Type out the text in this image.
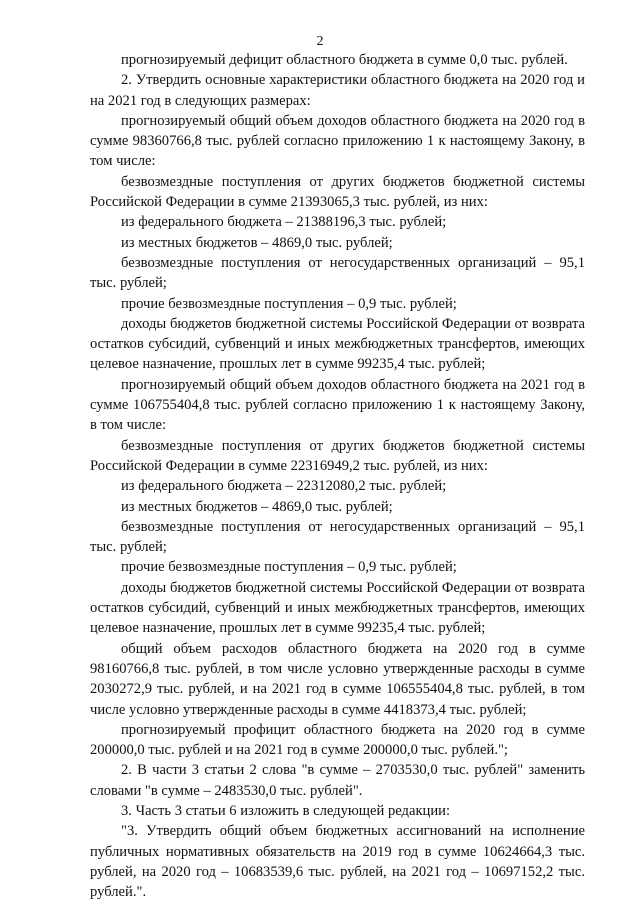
2

прогнозируемый дефицит областного бюджета в сумме 0,0 тыс. рублей.

2. Утвердить основные характеристики областного бюджета на 2020 год и на 2021 год в следующих размерах:

прогнозируемый общий объем доходов областного бюджета на 2020 год в сумме 98360766,8 тыс. рублей согласно приложению 1 к настоящему Закону, в том числе:

безвозмездные поступления от других бюджетов бюджетной системы Российской Федерации в сумме 21393065,3 тыс. рублей, из них:

из федерального бюджета – 21388196,3 тыс. рублей;

из местных бюджетов – 4869,0 тыс. рублей;

безвозмездные поступления от негосударственных организаций – 95,1 тыс. рублей;

прочие безвозмездные поступления – 0,9 тыс. рублей;

доходы бюджетов бюджетной системы Российской Федерации от возврата остатков субсидий, субвенций и иных межбюджетных трансфертов, имеющих целевое назначение, прошлых лет в сумме 99235,4 тыс. рублей;

прогнозируемый общий объем доходов областного бюджета на 2021 год в сумме 106755404,8 тыс. рублей согласно приложению 1 к настоящему Закону, в том числе:

безвозмездные поступления от других бюджетов бюджетной системы Российской Федерации в сумме 22316949,2 тыс. рублей, из них:

из федерального бюджета – 22312080,2 тыс. рублей;

из местных бюджетов – 4869,0 тыс. рублей;

безвозмездные поступления от негосударственных организаций – 95,1 тыс. рублей;

прочие безвозмездные поступления – 0,9 тыс. рублей;

доходы бюджетов бюджетной системы Российской Федерации от возврата остатков субсидий, субвенций и иных межбюджетных трансфертов, имеющих целевое назначение, прошлых лет в сумме 99235,4 тыс. рублей;

общий объем расходов областного бюджета на 2020 год в сумме 98160766,8 тыс. рублей, в том числе условно утвержденные расходы в сумме 2030272,9 тыс. рублей, и на 2021 год в сумме 106555404,8 тыс. рублей, в том числе условно утвержденные расходы в сумме 4418373,4 тыс. рублей;

прогнозируемый профицит областного бюджета на 2020 год в сумме 200000,0 тыс. рублей и на 2021 год в сумме 200000,0 тыс. рублей.";

2. В части 3 статьи 2 слова "в сумме – 2703530,0 тыс. рублей" заменить словами "в сумме – 2483530,0 тыс. рублей".

3. Часть 3 статьи 6 изложить в следующей редакции:

"3. Утвердить общий объем бюджетных ассигнований на исполнение публичных нормативных обязательств на 2019 год в сумме 10624664,3 тыс. рублей, на 2020 год – 10683539,6 тыс. рублей, на 2021 год – 10697152,2 тыс. рублей.".
